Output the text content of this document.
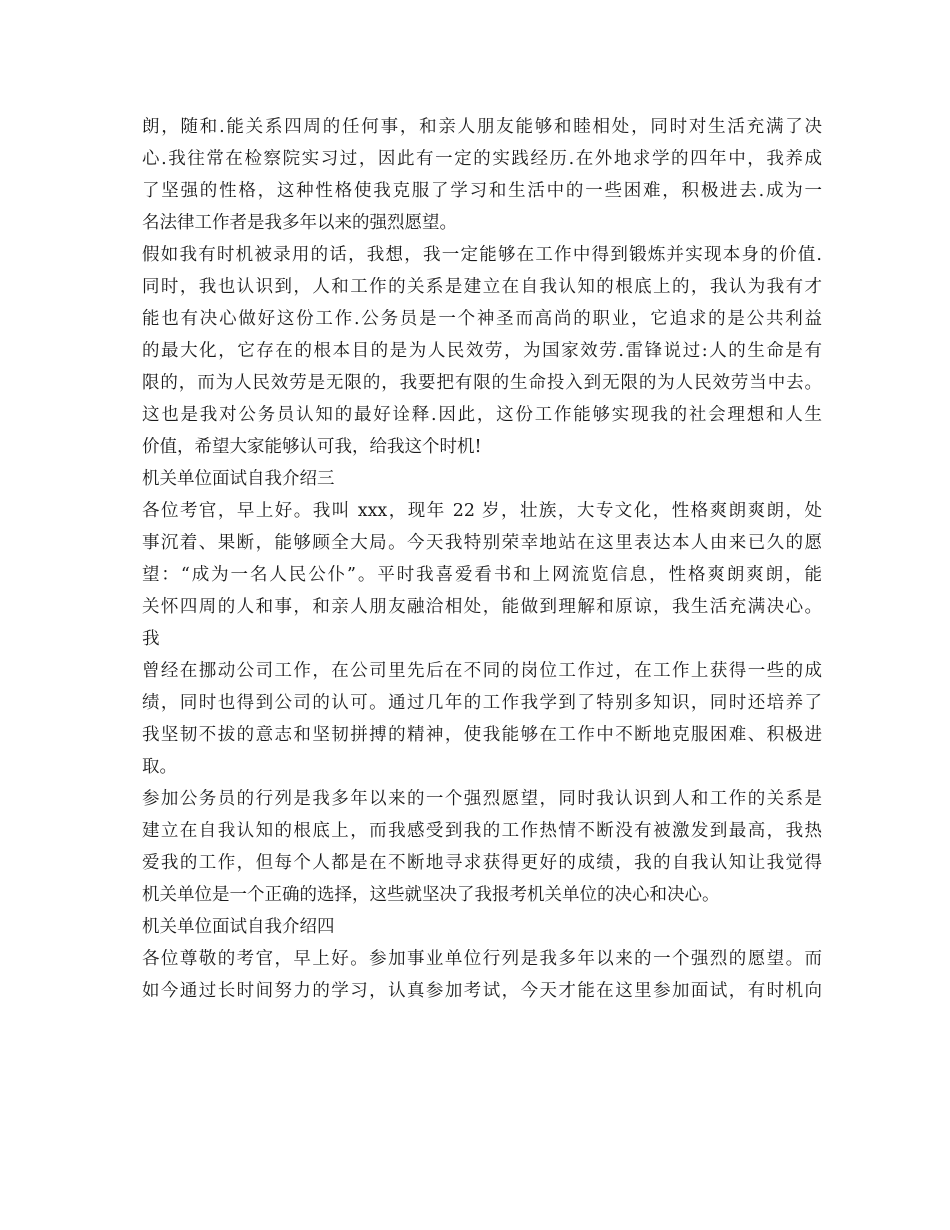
朗，随和.能关系四周的任何事，和亲人朋友能够和睦相处，同时对生活充满了决
心.我往常在检察院实习过，因此有一定的实践经历.在外地求学的四年中，我养成
了坚强的性格，这种性格使我克服了学习和生活中的一些困难，积极进去.成为一
名法律工作者是我多年以来的强烈愿望。
假如我有时机被录用的话，我想，我一定能够在工作中得到锻炼并实现本身的价值.
同时，我也认识到，人和工作的关系是建立在自我认知的根底上的，我认为我有才
能也有决心做好这份工作.公务员是一个神圣而高尚的职业，它追求的是公共利益
的最大化，它存在的根本目的是为人民效劳，为国家效劳.雷锋说过:人的生命是有
限的，而为人民效劳是无限的，我要把有限的生命投入到无限的为人民效劳当中去。
这也是我对公务员认知的最好诠释.因此，这份工作能够实现我的社会理想和人生
价值，希望大家能够认可我，给我这个时机!
机关单位面试自我介绍三
各位考官，早上好。我叫 xxx，现年 22 岁，壮族，大专文化，性格爽朗爽朗，处
事沉着、果断，能够顾全大局。今天我特别荣幸地站在这里表达本人由来已久的愿
望：“成为一名人民公仆”。平时我喜爱看书和上网流览信息，性格爽朗爽朗，能
关怀四周的人和事，和亲人朋友融洽相处，能做到理解和原谅，我生活充满决心。
我
曾经在挪动公司工作，在公司里先后在不同的岗位工作过，在工作上获得一些的成
绩，同时也得到公司的认可。通过几年的工作我学到了特别多知识，同时还培养了
我坚韧不拔的意志和坚韧拼搏的精神，使我能够在工作中不断地克服困难、积极进
取。
参加公务员的行列是我多年以来的一个强烈愿望，同时我认识到人和工作的关系是
建立在自我认知的根底上，而我感受到我的工作热情不断没有被激发到最高，我热
爱我的工作，但每个人都是在不断地寻求获得更好的成绩，我的自我认知让我觉得
机关单位是一个正确的选择，这些就坚决了我报考机关单位的决心和决心。
机关单位面试自我介绍四
各位尊敬的考官，早上好。参加事业单位行列是我多年以来的一个强烈的愿望。而
如今通过长时间努力的学习，认真参加考试，今天才能在这里参加面试，有时机向
